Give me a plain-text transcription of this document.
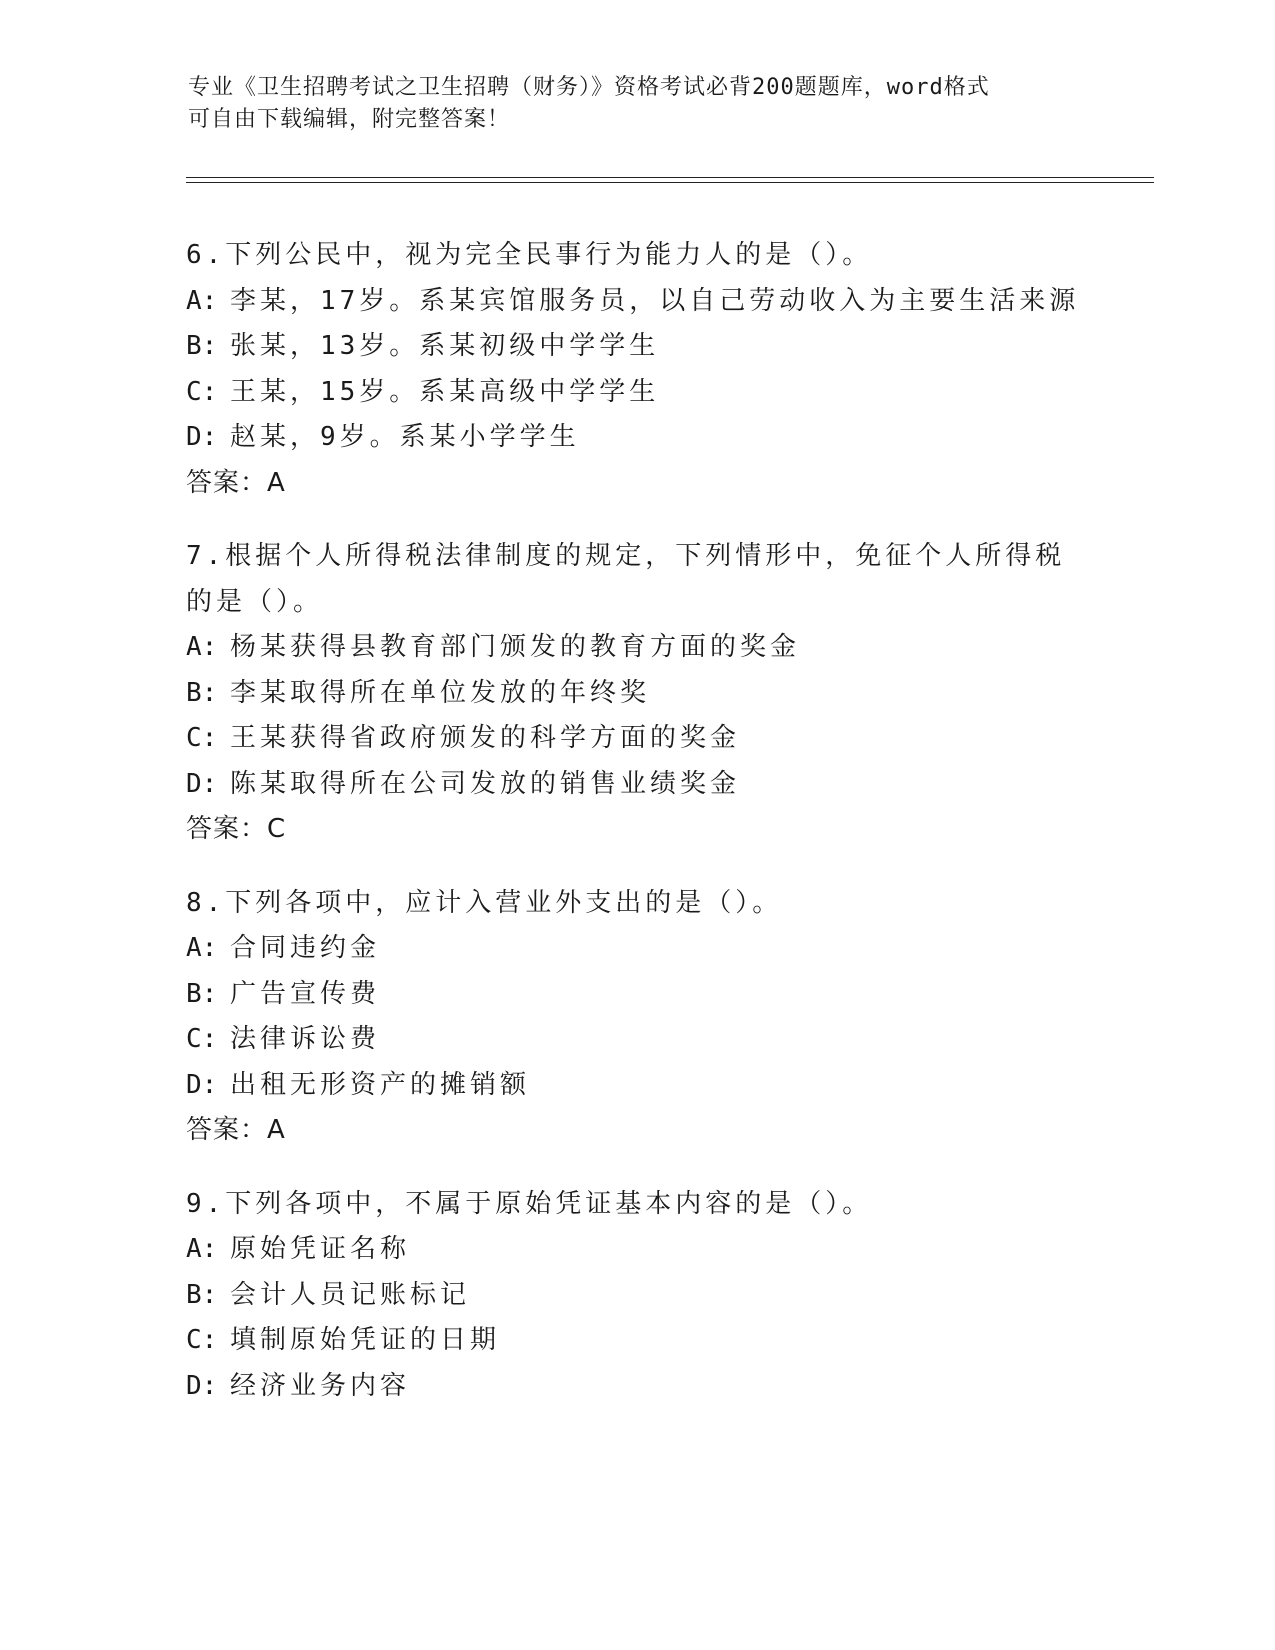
专业《卫生招聘考试之卫生招聘（财务）》资格考试必背200题题库，word格式
可自由下载编辑，附完整答案！
6.下列公民中，视为完全民事行为能力人的是（）。
A: 李某，17岁。系某宾馆服务员，以自己劳动收入为主要生活来源
B: 张某，13岁。系某初级中学学生
C: 王某，15岁。系某高级中学学生
D: 赵某，9岁。系某小学学生
答案：A
7.根据个人所得税法律制度的规定，下列情形中，免征个人所得税的是（）。
A: 杨某获得县教育部门颁发的教育方面的奖金
B: 李某取得所在单位发放的年终奖
C: 王某获得省政府颁发的科学方面的奖金
D: 陈某取得所在公司发放的销售业绩奖金
答案：C
8.下列各项中，应计入营业外支出的是（）。
A: 合同违约金
B: 广告宣传费
C: 法律诉讼费
D: 出租无形资产的摊销额
答案：A
9.下列各项中，不属于原始凭证基本内容的是（）。
A: 原始凭证名称
B: 会计人员记账标记
C: 填制原始凭证的日期
D: 经济业务内容
